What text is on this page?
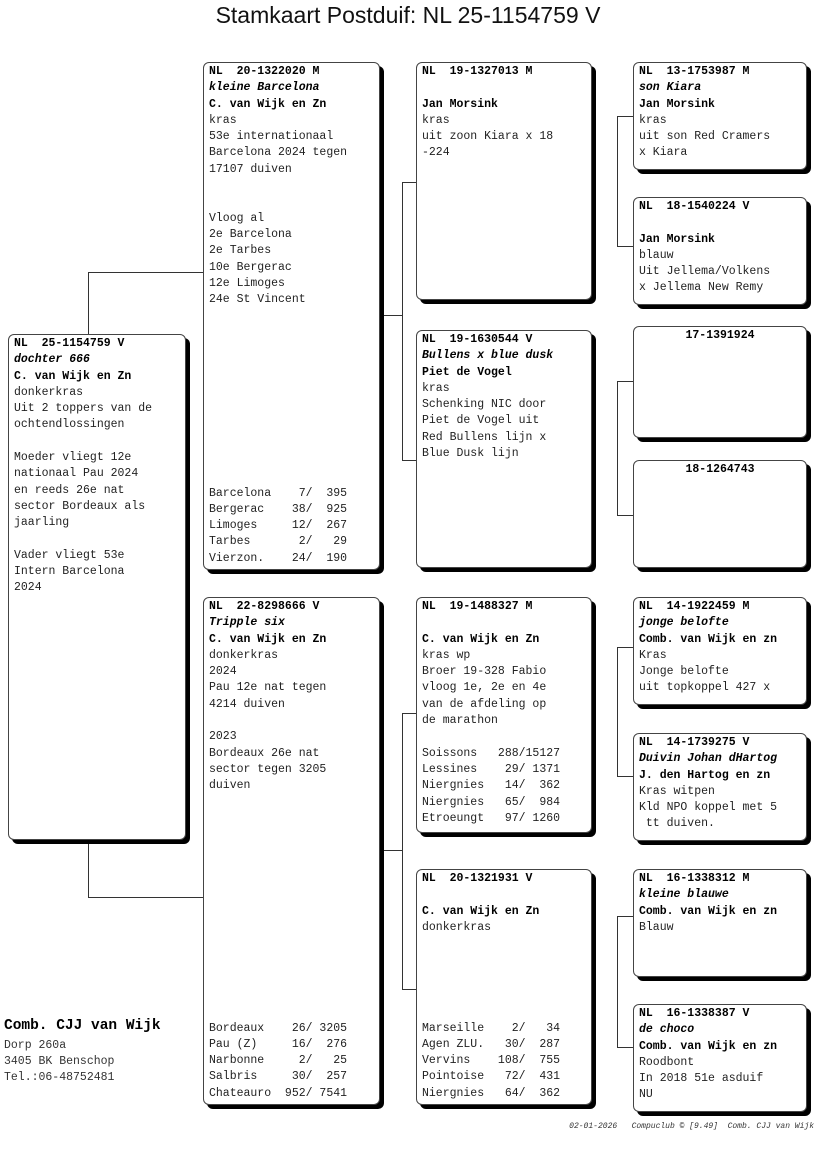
Stamkaart Postduif: NL 25-1154759 V
NL  25-1154759 V
dochter 666
C. van Wijk en Zn
donkerkras
Uit 2 toppers van de
ochtendlossingen
Moeder vliegt 12e
nationaal Pau 2024
en reeds 26e nat
sector Bordeaux als
jaarling
Vader vliegt 53e
Intern Barcelona
2024
NL  20-1322020 M
kleine Barcelona
C. van Wijk en Zn
kras
53e internationaal
Barcelona 2024 tegen
17107 duiven
Vloog al
2e Barcelona
2e Tarbes
10e Bergerac
12e Limoges
24e St Vincent
Barcelona    7/  395
Bergerac    38/  925
Limoges     12/  267
Tarbes       2/   29
Vierzon.    24/  190
NL  22-8298666 V
Tripple six
C. van Wijk en Zn
donkerkras
2024
Pau 12e nat tegen
4214 duiven
2023
Bordeaux 26e nat
sector tegen 3205
duiven
Bordeaux    26/ 3205
Pau (Z)     16/  276
Narbonne     2/   25
Salbris     30/  257
Chateauro  952/ 7541
NL  19-1327013 M
Jan Morsink
kras
uit zoon Kiara x 18
-224
NL  19-1630544 V
Bullens x blue dusk
Piet de Vogel
kras
Schenking NIC door
Piet de Vogel uit
Red Bullens lijn x
Blue Dusk lijn
NL  19-1488327 M
C. van Wijk en Zn
kras wp
Broer 19-328 Fabio
vloog 1e, 2e en 4e
van de afdeling op
de marathon
Soissons   288/15127
Lessines    29/ 1371
Niergnies   14/  362
Niergnies   65/  984
Etroeungt   97/ 1260
NL  20-1321931 V
C. van Wijk en Zn
donkerkras
Marseille    2/   34
Agen ZLU.   30/  287
Vervins    108/  755
Pointoise   72/  431
Niergnies   64/  362
NL  13-1753987 M
son Kiara
Jan Morsink
kras
uit son Red Cramers
x Kiara
NL  18-1540224 V
Jan Morsink
blauw
Uit Jellema/Volkens
x Jellema New Remy
17-1391924
18-1264743
NL  14-1922459 M
jonge belofte
Comb. van Wijk en zn
Kras
Jonge belofte
uit topkoppel 427 x
NL  14-1739275 V
Duivin Johan dHartog
J. den Hartog en zn
Kras witpen
Kld NPO koppel met 5
tt duiven.
NL  16-1338312 M
kleine blauwe
Comb. van Wijk en zn
Blauw
NL  16-1338387 V
de choco
Comb. van Wijk en zn
Roodbont
In 2018 51e asduif
NU
Comb. CJJ van Wijk
Dorp 260a
3405 BK Benschop
Tel.:06-48752481
02-01-2026   Compuclub © [9.49]  Comb. CJJ van Wijk
